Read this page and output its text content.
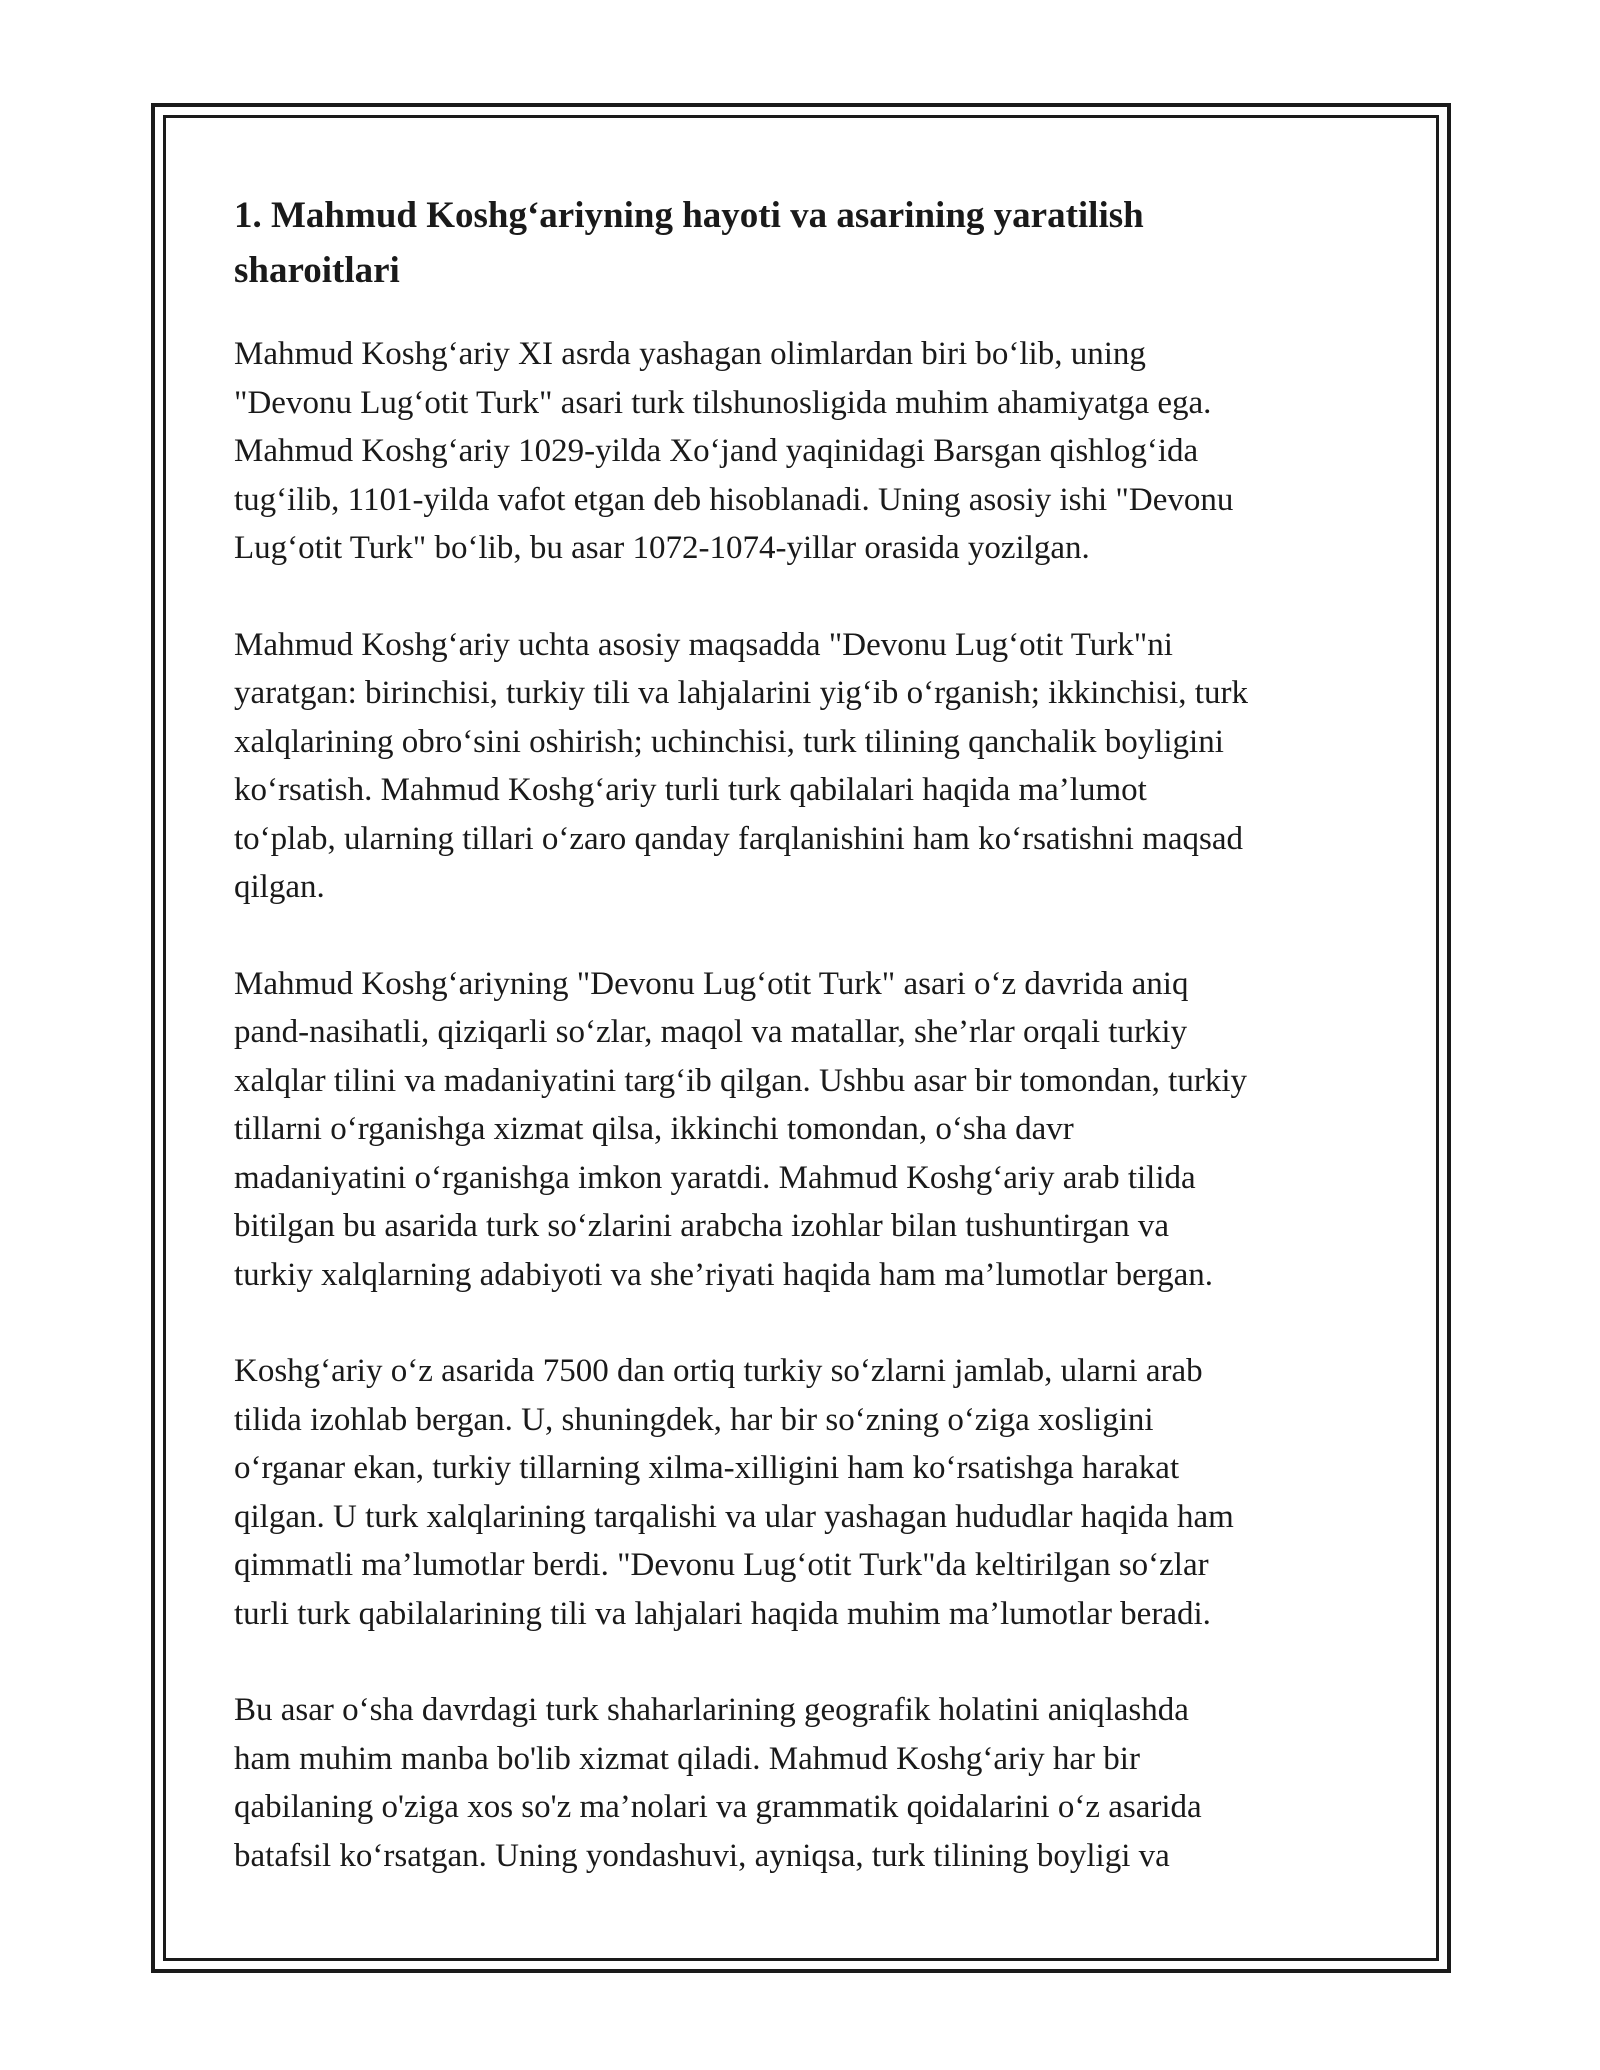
1. Mahmud Koshg‘ariyning hayoti va asarining yaratilish
sharoitlari

Mahmud Koshg‘ariy XI asrda yashagan olimlardan biri bo‘lib, uning
"Devonu Lug‘otit Turk" asari turk tilshunosligida muhim ahamiyatga ega.
Mahmud Koshg‘ariy 1029-yilda Xo‘jand yaqinidagi Barsgan qishlog‘ida
tug‘ilib, 1101-yilda vafot etgan deb hisoblanadi. Uning asosiy ishi "Devonu
Lug‘otit Turk" bo‘lib, bu asar 1072-1074-yillar orasida yozilgan.

Mahmud Koshg‘ariy uchta asosiy maqsadda "Devonu Lug‘otit Turk"ni
yaratgan: birinchisi, turkiy tili va lahjalarini yig‘ib o‘rganish; ikkinchisi, turk
xalqlarining obro‘sini oshirish; uchinchisi, turk tilining qanchalik boyligini
ko‘rsatish. Mahmud Koshg‘ariy turli turk qabilalari haqida ma’lumot
to‘plab, ularning tillari o‘zaro qanday farqlanishini ham ko‘rsatishni maqsad
qilgan.

Mahmud Koshg‘ariyning "Devonu Lug‘otit Turk" asari o‘z davrida aniq
pand-nasihatli, qiziqarli so‘zlar, maqol va matallar, she’rlar orqali turkiy
xalqlar tilini va madaniyatini targ‘ib qilgan. Ushbu asar bir tomondan, turkiy
tillarni o‘rganishga xizmat qilsa, ikkinchi tomondan, o‘sha davr
madaniyatini o‘rganishga imkon yaratdi. Mahmud Koshg‘ariy arab tilida
bitilgan bu asarida turk so‘zlarini arabcha izohlar bilan tushuntirgan va
turkiy xalqlarning adabiyoti va she’riyati haqida ham ma’lumotlar bergan.

Koshg‘ariy o‘z asarida 7500 dan ortiq turkiy so‘zlarni jamlab, ularni arab
tilida izohlab bergan. U, shuningdek, har bir so‘zning o‘ziga xosligini
o‘rganar ekan, turkiy tillarning xilma-xilligini ham ko‘rsatishga harakat
qilgan. U turk xalqlarining tarqalishi va ular yashagan hududlar haqida ham
qimmatli ma’lumotlar berdi. "Devonu Lug‘otit Turk"da keltirilgan so‘zlar
turli turk qabilalarining tili va lahjalari haqida muhim ma’lumotlar beradi.

Bu asar o‘sha davrdagi turk shaharlarining geografik holatini aniqlashda
ham muhim manba bo'lib xizmat qiladi. Mahmud Koshg‘ariy har bir
qabilaning o'ziga xos so'z ma’nolari va grammatik qoidalarini o‘z asarida
batafsil ko‘rsatgan. Uning yondashuvi, ayniqsa, turk tilining boyligi va
